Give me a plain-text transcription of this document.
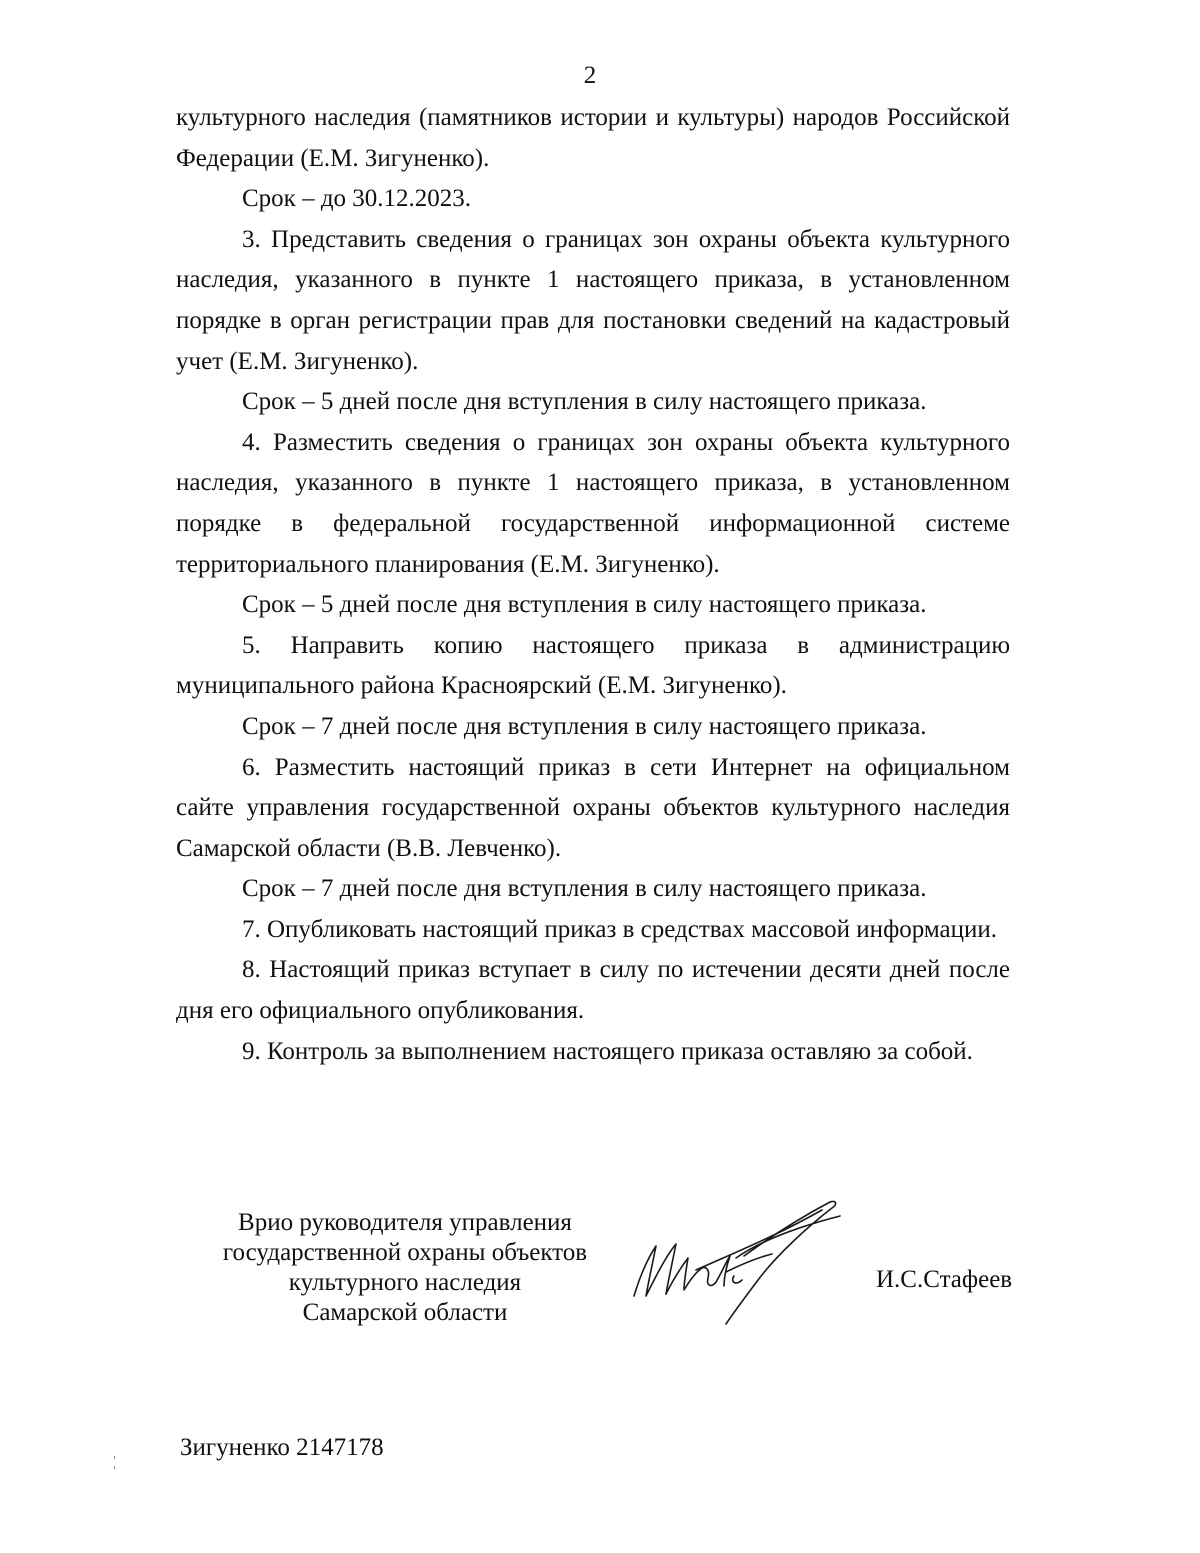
2

культурного наследия (памятников истории и культуры) народов Российской Федерации (Е.М. Зигуненко).

Срок – до 30.12.2023.

3. Представить сведения о границах зон охраны объекта культурного наследия, указанного в пункте 1 настоящего приказа, в установленном порядке в орган регистрации прав для постановки сведений на кадастровый учет (Е.М. Зигуненко).

Срок – 5 дней после дня вступления в силу настоящего приказа.

4. Разместить сведения о границах зон охраны объекта культурного наследия, указанного в пункте 1 настоящего приказа, в установленном порядке в федеральной государственной информационной системе территориального планирования (Е.М. Зигуненко).

Срок – 5 дней после дня вступления в силу настоящего приказа.

5. Направить копию настоящего приказа в администрацию муниципального района Красноярский (Е.М. Зигуненко).

Срок – 7 дней после дня вступления в силу настоящего приказа.

6. Разместить настоящий приказ в сети Интернет на официальном сайте управления государственной охраны объектов культурного наследия Самарской области (В.В. Левченко).

Срок – 7 дней после дня вступления в силу настоящего приказа.

7. Опубликовать настоящий приказ в средствах массовой информации.

8. Настоящий приказ вступает в силу по истечении десяти дней после дня его официального опубликования.

9. Контроль за выполнением настоящего приказа оставляю за собой.

Врио руководителя управления
государственной охраны объектов
культурного наследия
Самарской области
И.С.Стафеев
Зигуненко 2147178
